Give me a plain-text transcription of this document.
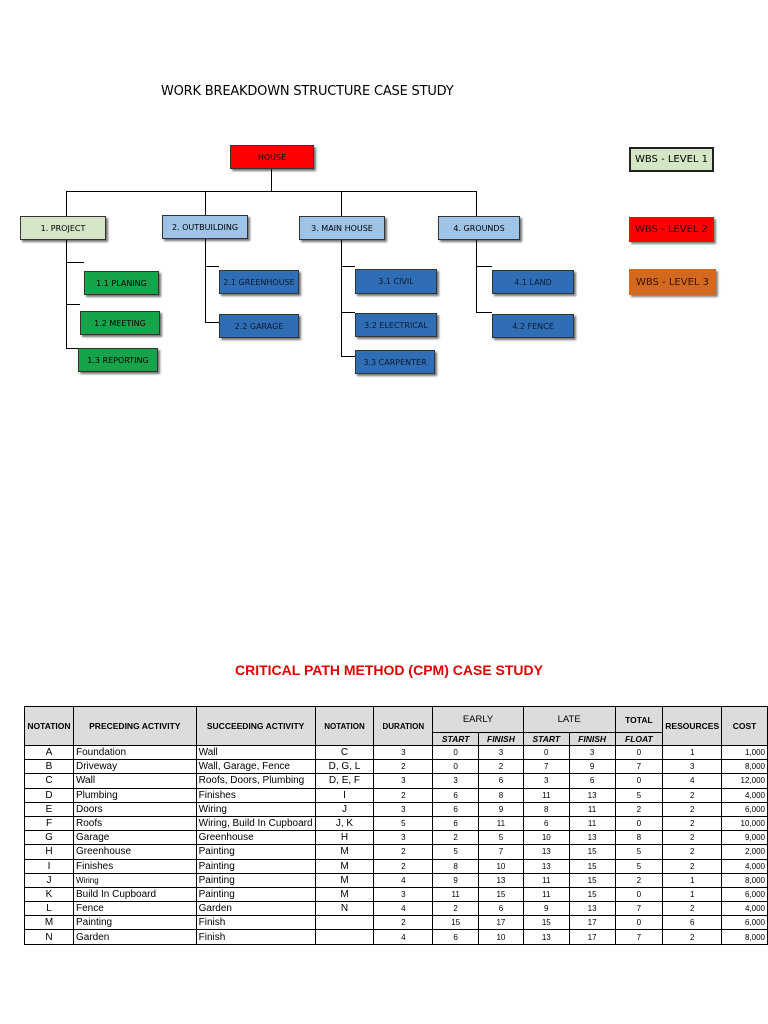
WORK BREAKDOWN STRUCTURE CASE STUDY
HOUSE
1. PROJECT	2. OUTBUILDING	3. MAIN HOUSE	4. GROUNDS
1.1 PLANING
1.2 MEETING
1.3 REPORTING
2.1 GREENHOUSE
2.2 GARAGE
3.1 CIVIL
3.2 ELECTRICAL
3.3 CARPENTER
4.1 LAND
4.2 FENCE
WBS - LEVEL 1
WBS - LEVEL 2
WBS - LEVEL 3
CRITICAL PATH METHOD (CPM) CASE STUDY
NOTATION	PRECEDING ACTIVITY	SUCCEEDING ACTIVITY	NOTATION	DURATION	EARLY		LATE		TOTAL	RESOURCES	COST
					START	FINISH	START	FINISH	FLOAT		
A	Foundation	Wall	C	3	0	3	0	3	0	1	1,000
B	Driveway	Wall, Garage, Fence	D, G, L	2	0	2	7	9	7	3	8,000
C	Wall	Roofs, Doors, Plumbing	D, E, F	3	3	6	3	6	0	4	12,000
D	Plumbing	Finishes	I	2	6	8	11	13	5	2	4,000
E	Doors	Wiring	J	3	6	9	8	11	2	2	6,000
F	Roofs	Wiring, Build In Cupboard	J, K	5	6	11	6	11	0	2	10,000
G	Garage	Greenhouse	H	3	2	5	10	13	8	2	9,000
H	Greenhouse	Painting	M	2	5	7	13	15	5	2	2,000
I	Finishes	Painting	M	2	8	10	13	15	5	2	4,000
J	Wiring	Painting	M	4	9	13	11	15	2	1	8,000
K	Build In Cupboard	Painting	M	3	11	15	11	15	0	1	6,000
L	Fence	Garden	N	4	2	6	9	13	7	2	4,000
M	Painting	Finish		2	15	17	15	17	0	6	6,000
N	Garden	Finish		4	6	10	13	17	7	2	8,000
